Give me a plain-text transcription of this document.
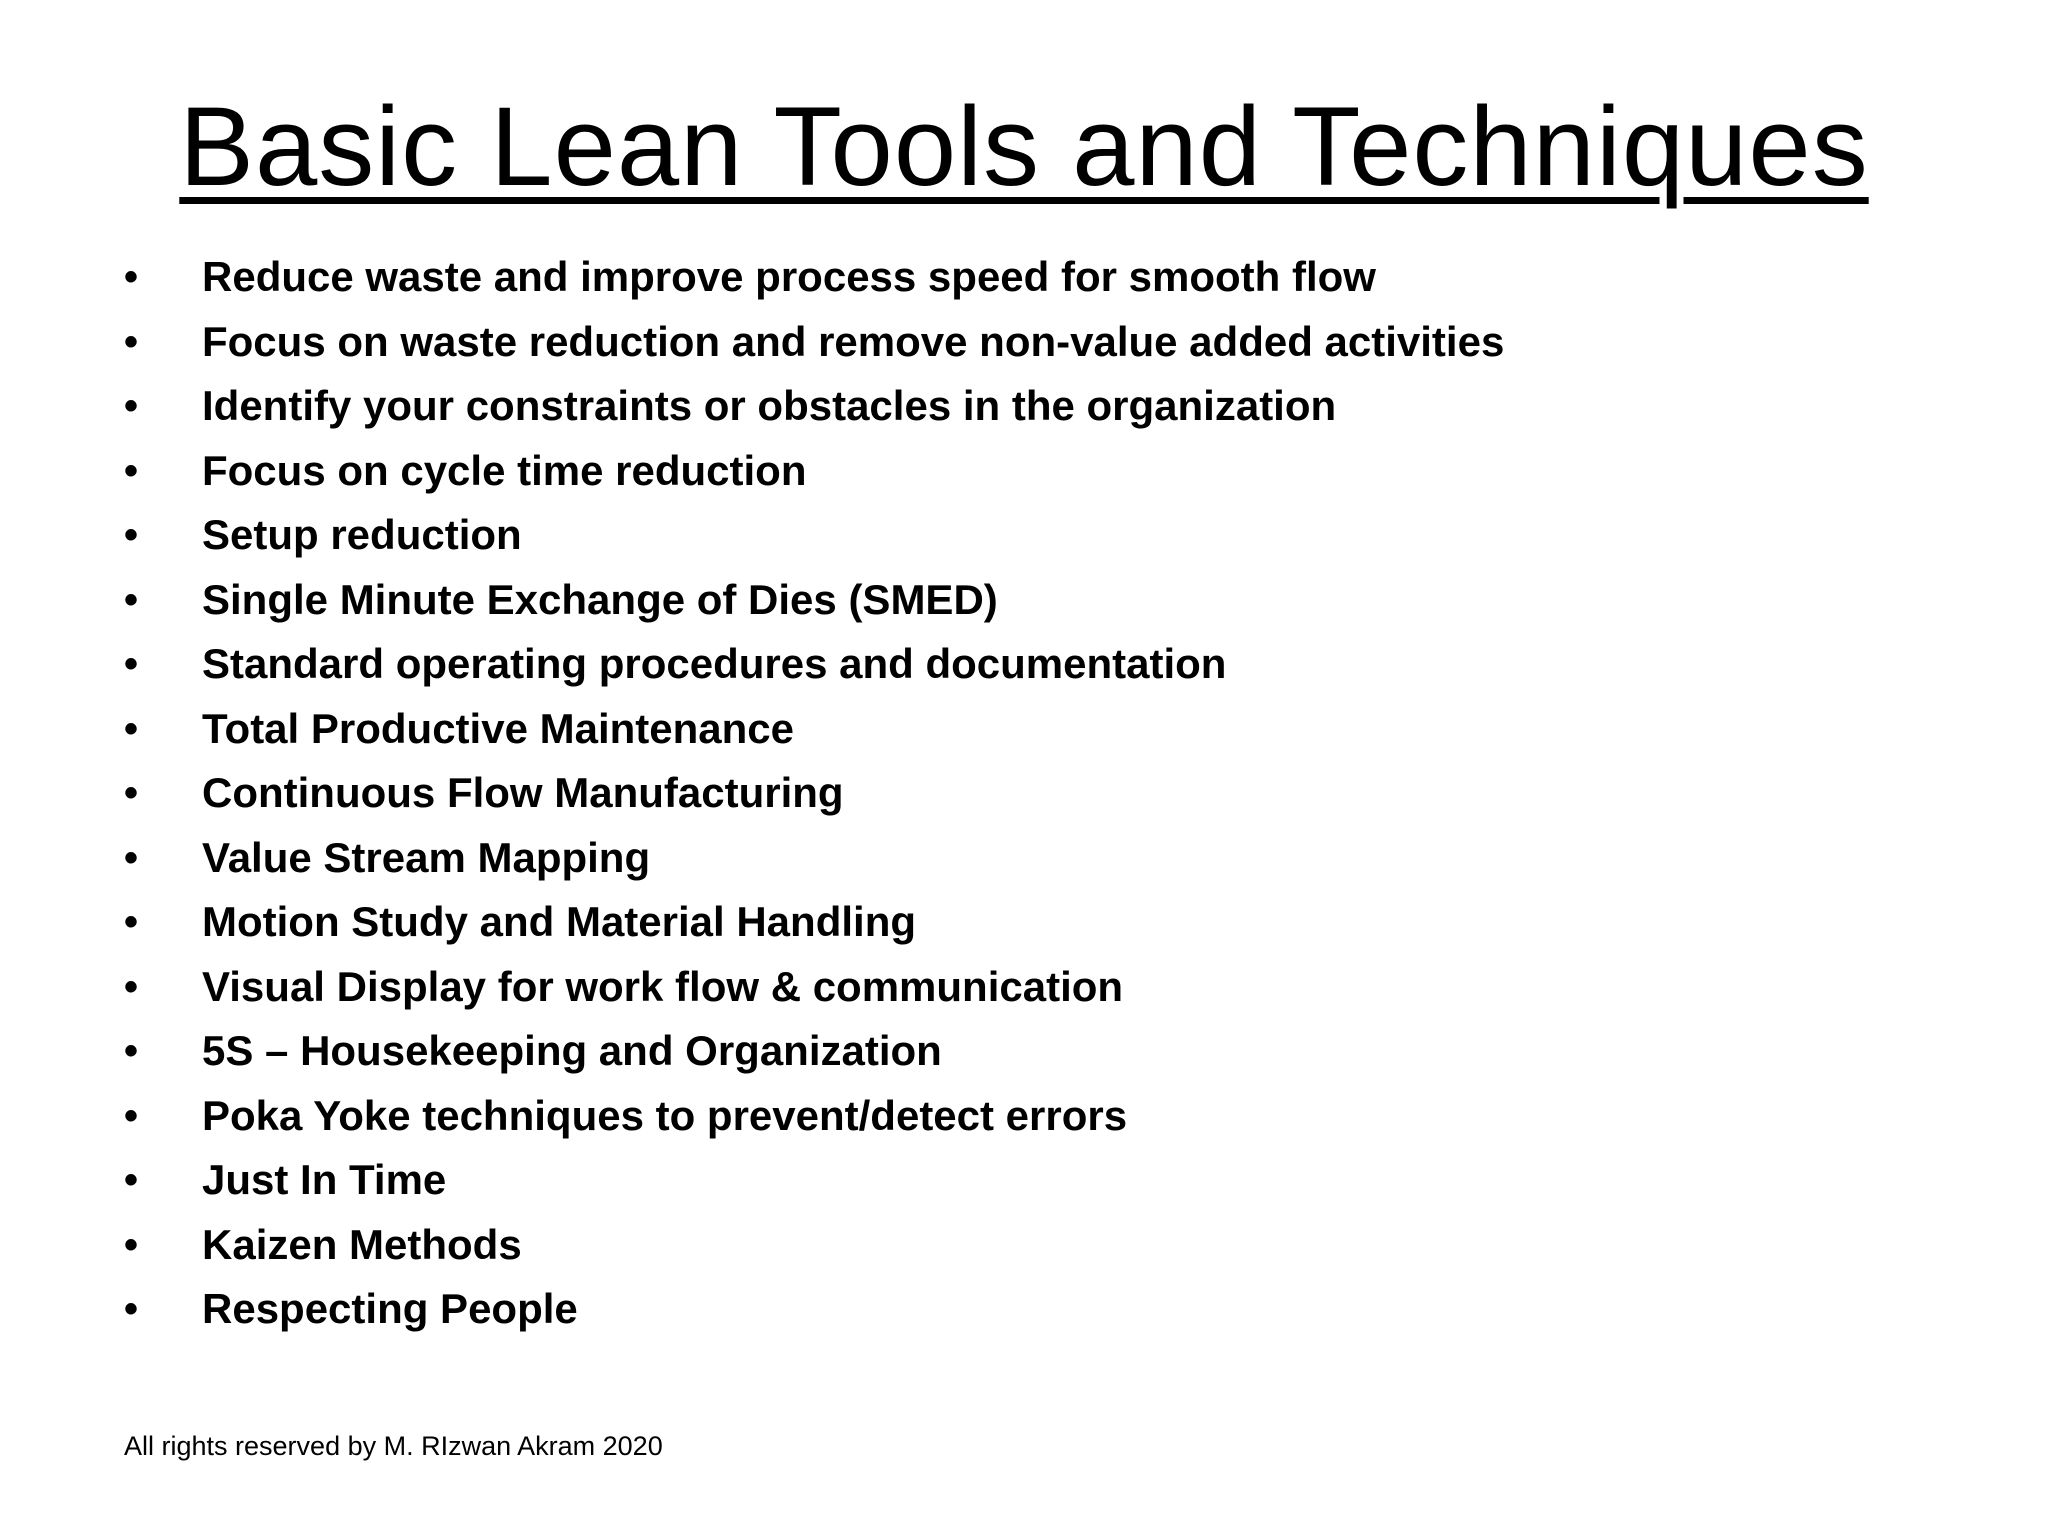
Basic Lean Tools and Techniques
• Reduce waste and improve process speed for smooth flow
• Focus on waste reduction and remove non-value added activities
• Identify your constraints or obstacles in the organization
• Focus on cycle time reduction
• Setup reduction
• Single Minute Exchange of Dies (SMED)
• Standard operating procedures and documentation
• Total Productive Maintenance
• Continuous Flow Manufacturing
• Value Stream Mapping
• Motion Study and Material Handling
• Visual Display for work flow & communication
• 5S – Housekeeping and Organization
• Poka Yoke techniques to prevent/detect errors
• Just In Time
• Kaizen Methods
• Respecting People
All rights reserved by M. RIzwan Akram 2020
